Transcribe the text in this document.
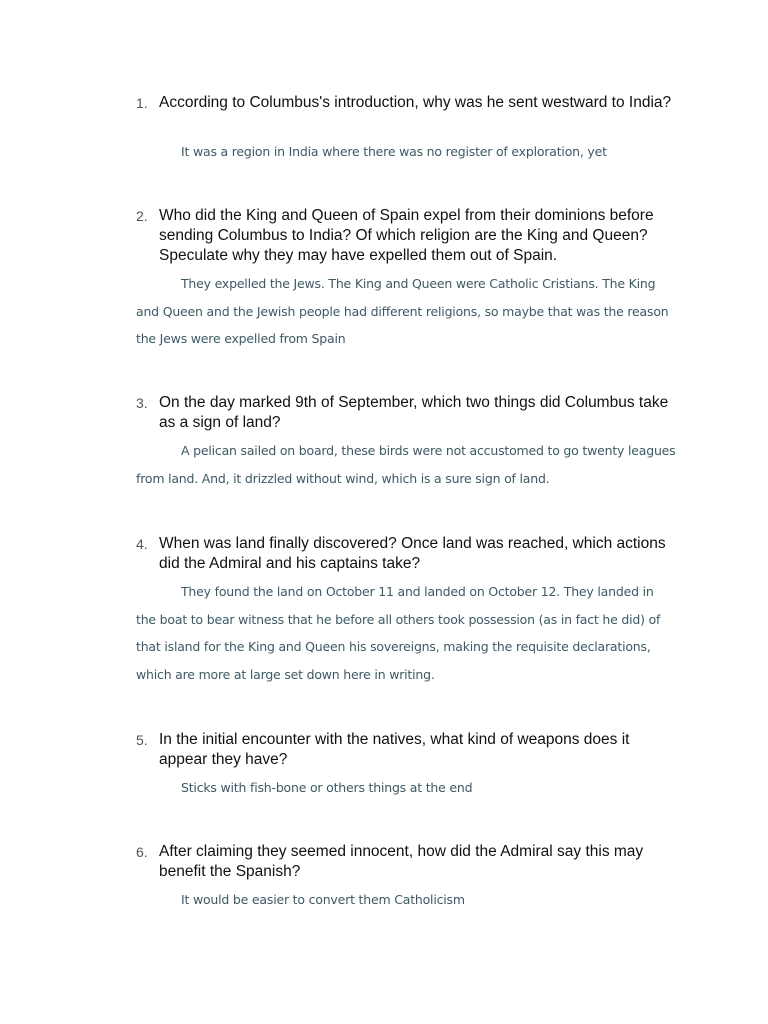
1. According to Columbus's introduction, why was he sent westward to India?
It was a region in India where there was no register of exploration, yet
2. Who did the King and Queen of Spain expel from their dominions before sending Columbus to India? Of which religion are the King and Queen? Speculate why they may have expelled them out of Spain.
They expelled the Jews. The King and Queen were Catholic Cristians. The King and Queen and the Jewish people had different religions, so maybe that was the reason the Jews were expelled from Spain
3. On the day marked 9th of September, which two things did Columbus take as a sign of land?
A pelican sailed on board, these birds were not accustomed to go twenty leagues from land. And, it drizzled without wind, which is a sure sign of land.
4. When was land finally discovered? Once land was reached, which actions did the Admiral and his captains take?
They found the land on October 11 and landed on October 12. They landed in the boat to bear witness that he before all others took possession (as in fact he did) of that island for the King and Queen his sovereigns, making the requisite declarations, which are more at large set down here in writing.
5. In the initial encounter with the natives, what kind of weapons does it appear they have?
Sticks with fish-bone or others things at the end
6. After claiming they seemed innocent, how did the Admiral say this may benefit the Spanish?
It would be easier to convert them Catholicism
